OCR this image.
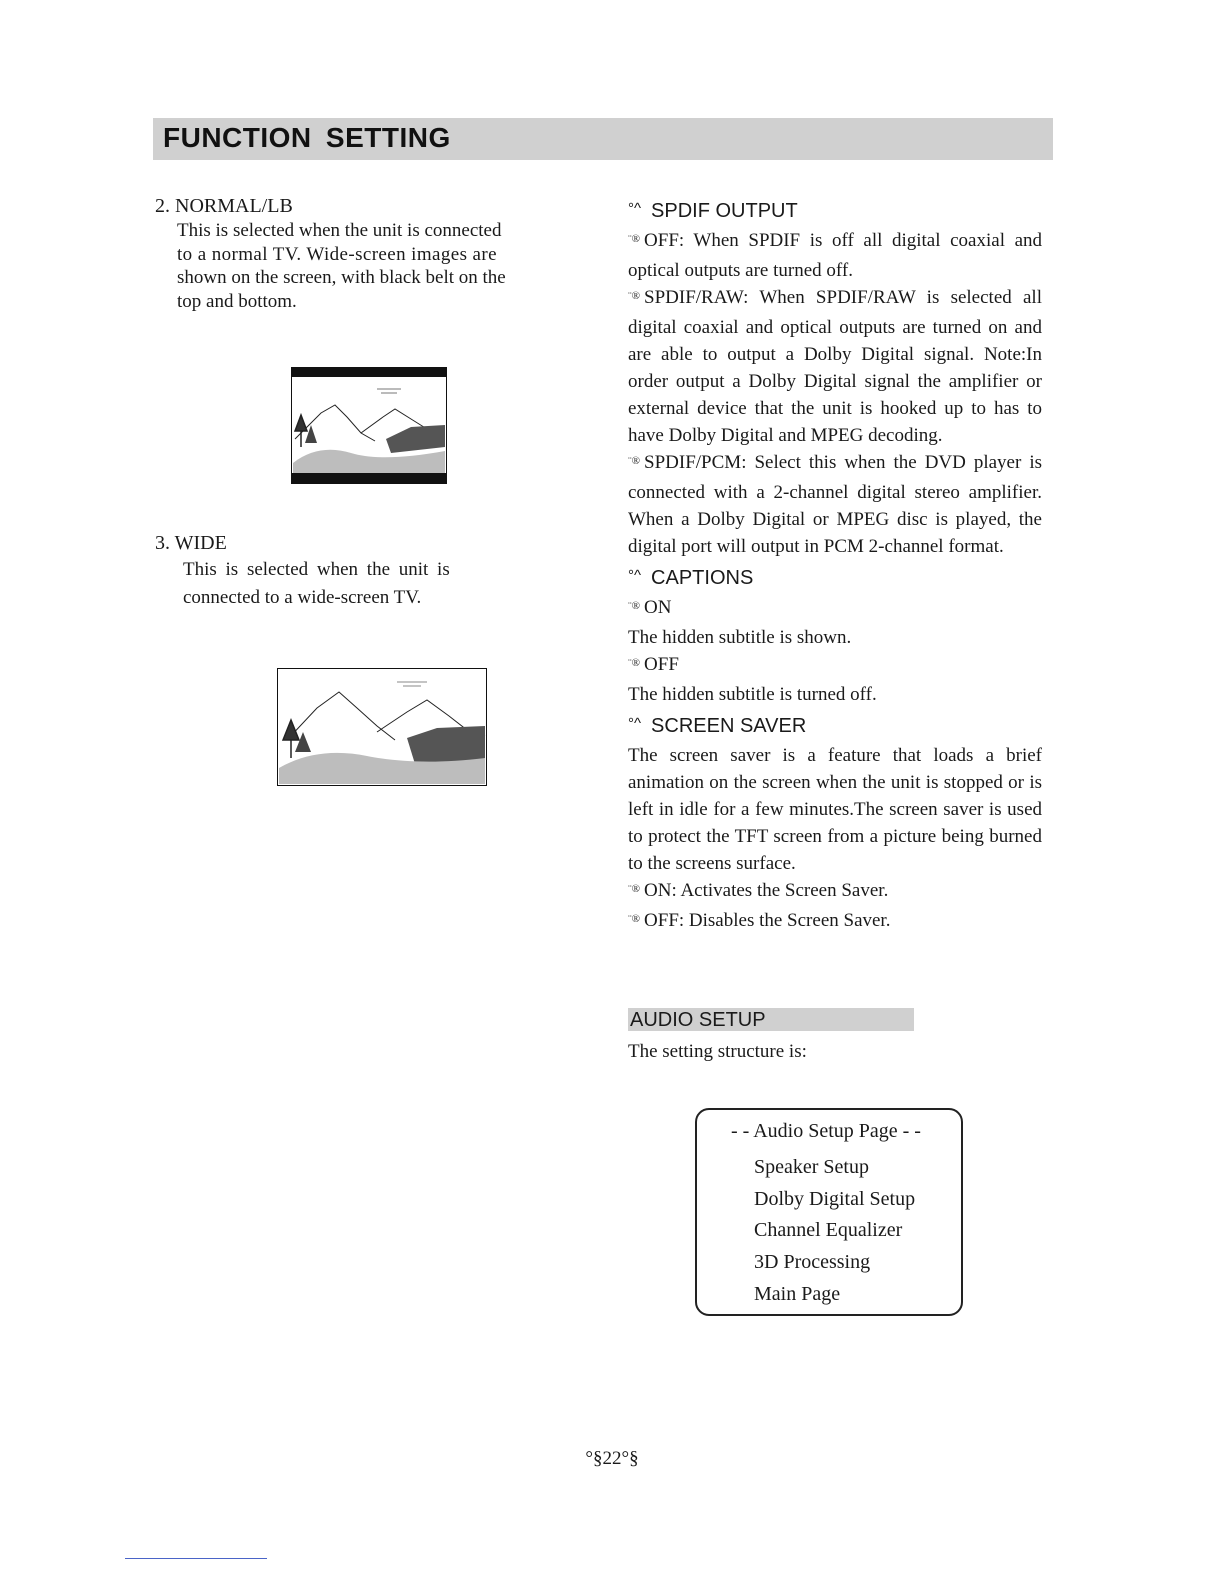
FUNCTION SETTING
2. NORMAL/LB
This is selected when the unit is connected
to a normal TV. Wide-screen images are
shown on the screen, with black belt on the
top and bottom.
3. WIDE
This is selected when the unit is
connected to a wide-screen TV.
°^ SPDIF OUTPUT
¨® OFF: When SPDIF is off all digital coaxial and optical outputs are turned off.
¨® SPDIF/RAW: When SPDIF/RAW is selected all digital coaxial and optical outputs are turned on and are able to output a Dolby Digital signal. Note:In order output a Dolby Digital signal the amplifier or external device that the unit is hooked up to has to have Dolby Digital and MPEG decoding.
¨® SPDIF/PCM: Select this when the DVD player is connected with a 2-channel digital stereo amplifier. When a Dolby Digital or MPEG disc is played, the digital port will output in PCM 2-channel format.
°^ CAPTIONS
¨® ON
The hidden subtitle is shown.
¨® OFF
The hidden subtitle is turned off.
°^ SCREEN SAVER
The screen saver is a feature that loads a brief animation on the screen when the unit is stopped or is left in idle for a few minutes.The screen saver is used to protect the TFT screen from a picture being burned to the screens surface.
¨® ON: Activates the Screen Saver.
¨® OFF: Disables the Screen Saver.
AUDIO SETUP
The setting structure is:
- - Audio Setup Page - -
Speaker Setup
Dolby Digital Setup
Channel Equalizer
3D Processing
Main Page
°§22°§
